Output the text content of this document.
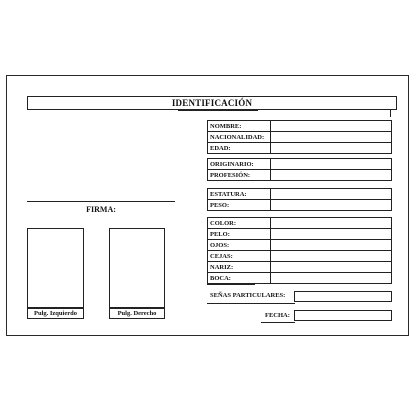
IDENTIFICACIÓN
FIRMA:
Pulg. Izquierdo	Pulg. Derecho
NOMBRE:
NACIONALIDAD:
EDAD:
ORIGINARIO:
PROFESIÓN:
ESTATURA:
PESO:
COLOR:
PELO:
OJOS:
CEJAS:
NARIZ:
BOCA:
SEÑAS PARTICULARES:
FECHA:
